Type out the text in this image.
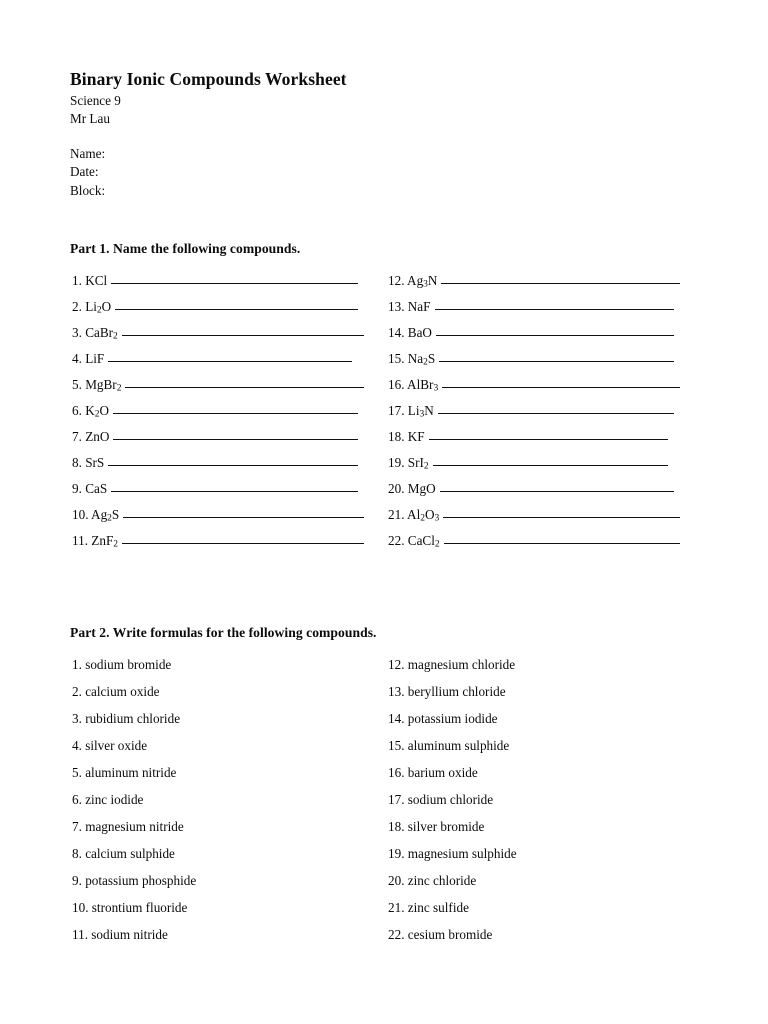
Binary Ionic Compounds Worksheet

Science 9

Mr Lau

Name:

Date:

Block:

Part 1. Name the following compounds.
1. KCl
2. $Li_2O$
3. CaBr$_2$
4. LiF
5. MgBr$_2$
6. $K_2O$
7. ZnO
8. SrS
9. CaS
10. $Ag_2S$
11. ZnF$_2$
12. $Ag_3N$
13. NaF
14. BaO
15. $Na_2S$
16. AlBr$_3$
17. $Li_3N$
18. KF
19. SrI$_2$
20. MgO
21. $Al_2O_3$
22. CaCl$_2$
Part 2. Write formulas for the following compounds.
1. sodium bromide
2. calcium oxide
3. rubidium chloride
4. silver oxide
5. aluminum nitride
6. zinc iodide
7. magnesium nitride
8. calcium sulphide
9. potassium phosphide
10. strontium fluoride
11. sodium nitride
12. magnesium chloride
13. beryllium chloride
14. potassium iodide
15. aluminum sulphide
16. barium oxide
17. sodium chloride
18. silver bromide
19. magnesium sulphide
20. zinc chloride
21. zinc sulfide
22. cesium bromide
